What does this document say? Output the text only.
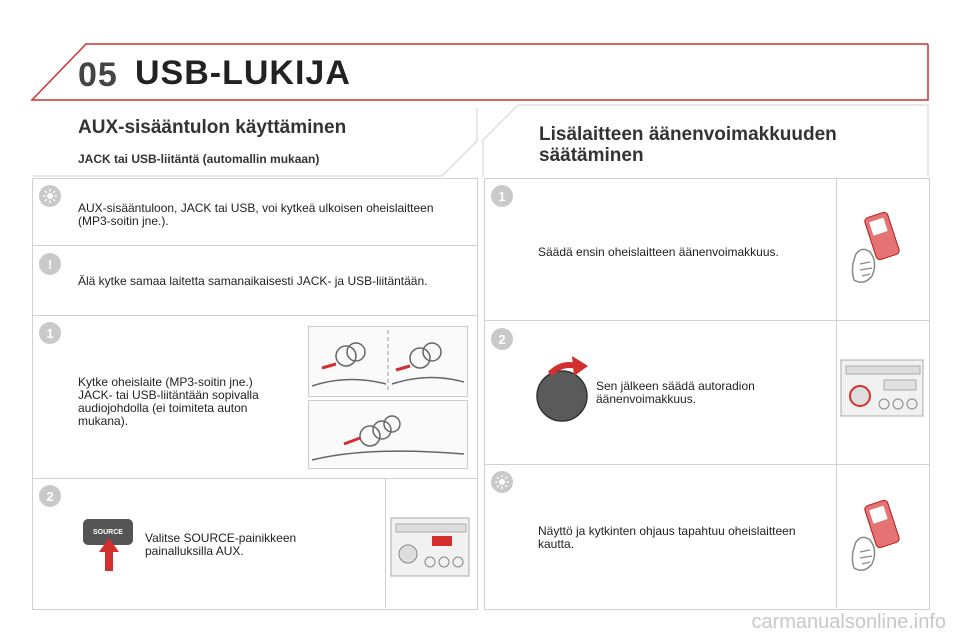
05 USB-LUKIJA
AUX-sisääntulon käyttäminen
JACK tai USB-liitäntä (automallin mukaan)
AUX-sisääntuloon, JACK tai USB, voi kytkeä ulkoisen oheislaitteen (MP3-soitin jne.).
!
Älä kytke samaa laitetta samanaikaisesti JACK- ja USB-liitäntään.
1
Kytke oheislaite (MP3-soitin jne.) JACK- tai USB-liitäntään sopivalla audiojohdolla (ei toimiteta auton mukana).
2
SOURCE	Valitse SOURCE-painikkeen painalluksilla AUX.
Lisälaitteen äänenvoimakkuuden säätäminen
1
Säädä ensin oheislaitteen äänenvoimakkuus.
2
Sen jälkeen säädä autoradion äänenvoimakkuus.
Näyttö ja kytkinten ohjaus tapahtuu oheislaitteen kautta.
carmanualsonline.info
